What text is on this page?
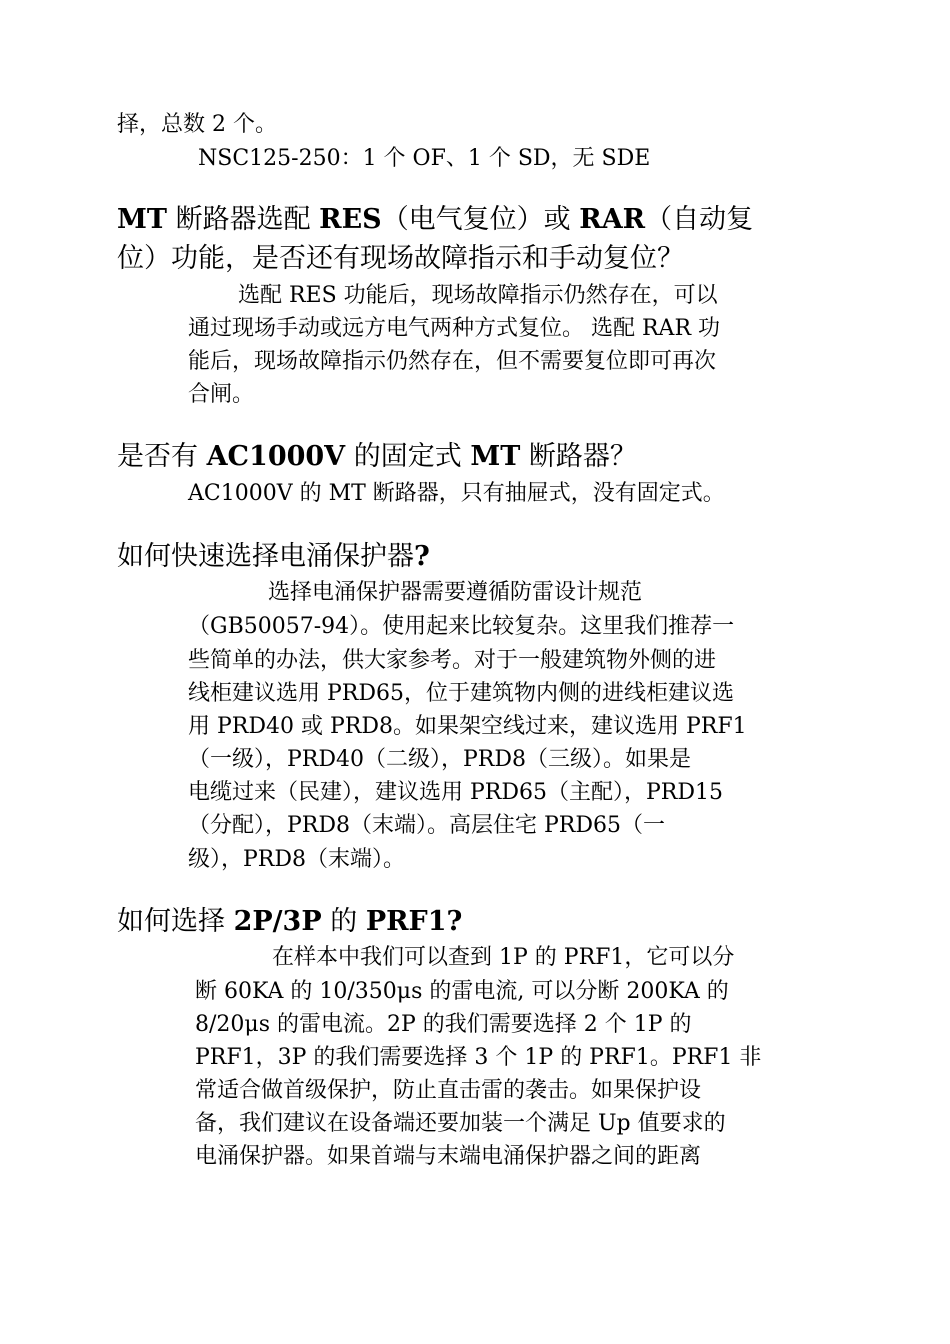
择，总数 2 个。
NSC125-250：1 个 OF、1 个 SD，无 SDE
MT 断路器选配 RES（电气复位）或 RAR（自动复
位）功能，是否还有现场故障指示和手动复位？
选配 RES 功能后，现场故障指示仍然存在，可以
通过现场手动或远方电气两种方式复位。 选配 RAR 功
能后，现场故障指示仍然存在，但不需要复位即可再次
合闸。
是否有 AC1000V 的固定式 MT 断路器？
AC1000V 的 MT 断路器，只有抽屉式，没有固定式。
如何快速选择电涌保护器?
选择电涌保护器需要遵循防雷设计规范
（GB50057-94）。使用起来比较复杂。这里我们推荐一
些简单的办法，供大家参考。对于一般建筑物外侧的进
线柜建议选用 PRD65，位于建筑物内侧的进线柜建议选
用 PRD40 或 PRD8。如果架空线过来，建议选用 PRF1
（一级），PRD40（二级），PRD8（三级）。如果是
电缆过来（民建），建议选用 PRD65（主配），PRD15
（分配），PRD8（末端）。高层住宅 PRD65（一
级），PRD8（末端）。
如何选择 2P/3P 的 PRF1?
在样本中我们可以查到 1P 的 PRF1，它可以分
断 60KA 的 10/350μs 的雷电流, 可以分断 200KA 的
8/20μs 的雷电流。2P 的我们需要选择 2 个 1P 的
PRF1，3P 的我们需要选择 3 个 1P 的 PRF1。PRF1 非
常适合做首级保护，防止直击雷的袭击。如果保护设
备，我们建议在设备端还要加装一个满足 Up 值要求的
电涌保护器。如果首端与末端电涌保护器之间的距离
